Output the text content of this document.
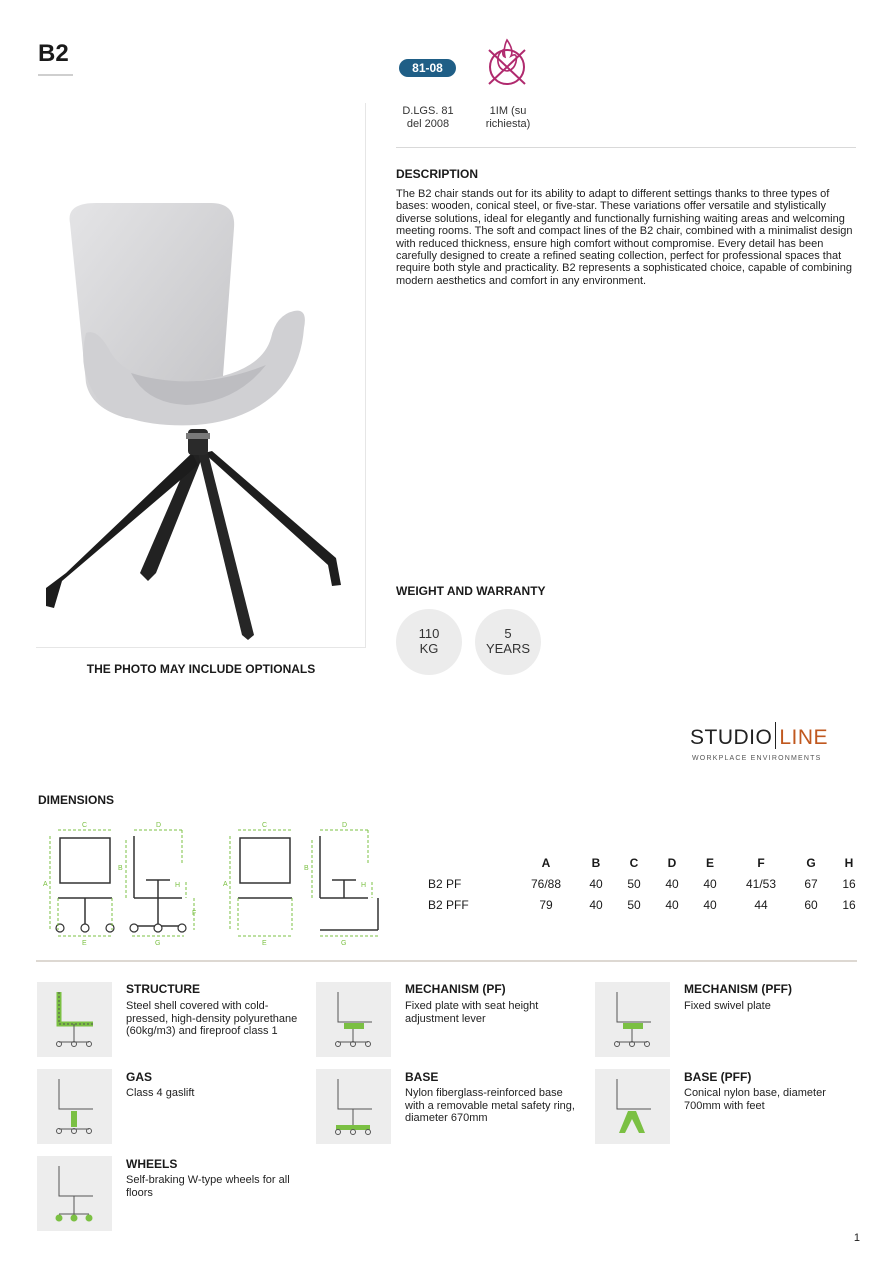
B2
THE PHOTO MAY INCLUDE OPTIONALS
81-08
D.LGS. 81
del 2008
1IM (su
richiesta)
DESCRIPTION
The B2 chair stands out for its ability to adapt to different settings thanks to three types of bases: wooden, conical steel, or five-star. These variations offer versatile and stylistically diverse solutions, ideal for elegantly and functionally furnishing waiting areas and welcoming meeting rooms. The soft and compact lines of the B2 chair, combined with a minimalist design with reduced thickness, ensure high comfort without compromise. Every detail has been carefully designed to create a refined seating collection, perfect for professional spaces that require both style and practicality. B2 represents a sophisticated choice, capable of combining modern aesthetics and comfort in any environment.
WEIGHT AND WARRANTY
110
KG
5
YEARS
STUDIO LINE
WORKPLACE ENVIRONMENTS
DIMENSIONS
C	D
A
B
H
F
E	G
C	D
A
B
H
E	G
	A	B	C	D	E	F	G	H
B2 PF	76/88	40	50	40	40	41/53	67	16
B2 PFF	79	40	50	40	40	44	60	16
STRUCTURE
Steel shell covered with cold-pressed, high-density polyurethane (60kg/m3) and fireproof class 1
MECHANISM (PF)
Fixed plate with seat height adjustment lever
MECHANISM (PFF)
Fixed swivel plate
GAS
Class 4 gaslift
BASE
Nylon fiberglass-reinforced base with a removable metal safety ring, diameter 670mm
BASE (PFF)
Conical nylon base, diameter 700mm with feet
WHEELS
Self-braking W-type wheels for all floors
1
